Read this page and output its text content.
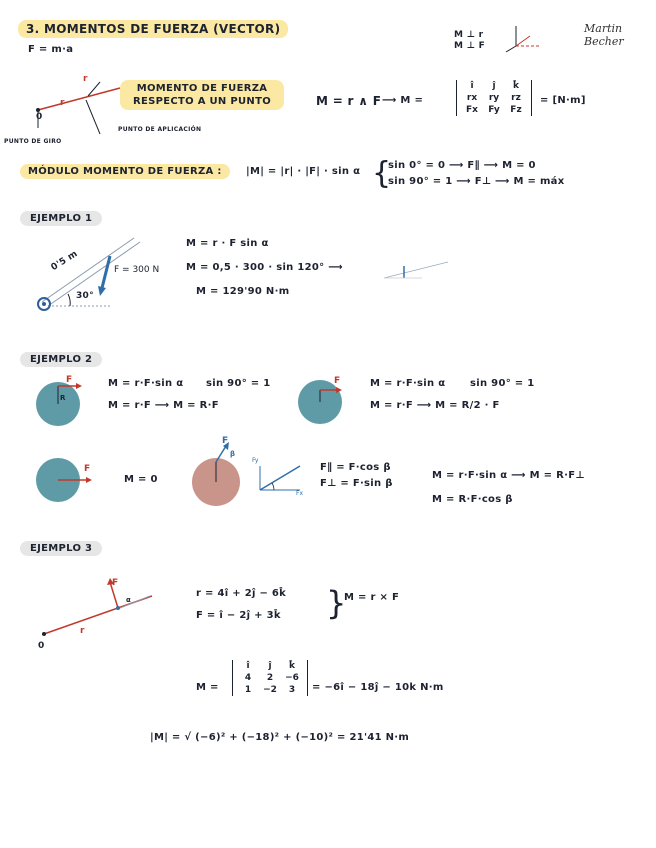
3. MOMENTOS DE FUERZA (VECTOR)	Martin Becher
F = m·a
M ⊥ r
M ⊥ F
r
r
0
PUNTO DE GIRO
PUNTO DE APLICACIÓN
MOMENTO DE FUERZA RESPECTO A UN PUNTO	M = r ∧ F ⟶ M =
î	ĵ	k̂
rx	ry	rz
Fx	Fy	Fz
= [N·m]
MÓDULO MOMENTO DE FUERZA :	|M| = |r| · |F| · sin α {
sin 0° = 0 ⟶ F∥ ⟶ M = 0
sin 90° = 1 ⟶ F⊥ ⟶ M = máx
EJEMPLO 1
0'5 m	F = 300 N
30°
M = r · F sin α
M = 0,5 · 300 · sin 120° ⟶
M = 129'90 N·m
EJEMPLO 2
F
R
M = r·F·sin α sin 90° = 1
M = r·F ⟶ M = R·F
F	M = r·F·sin α sin 90° = 1
M = r·F ⟶ M = R/2 · F
F
M = 0
F
β
Fy
Fx
F∥ = F·cos β
F⊥ = F·sin β
M = r·F·sin α ⟶ M = R·F⊥
M = R·F·cos β
EJEMPLO 3
F
α
r
0
r = 4î + 2ĵ − 6k̂
F = î − 2ĵ + 3k̂ }
M = r × F
M =
î	ĵ	k̂
4	2	−6
1	−2	3	= −6î − 18ĵ − 10k N·m
|M| = √ (−6)² + (−18)² + (−10)² = 21'41 N·m
